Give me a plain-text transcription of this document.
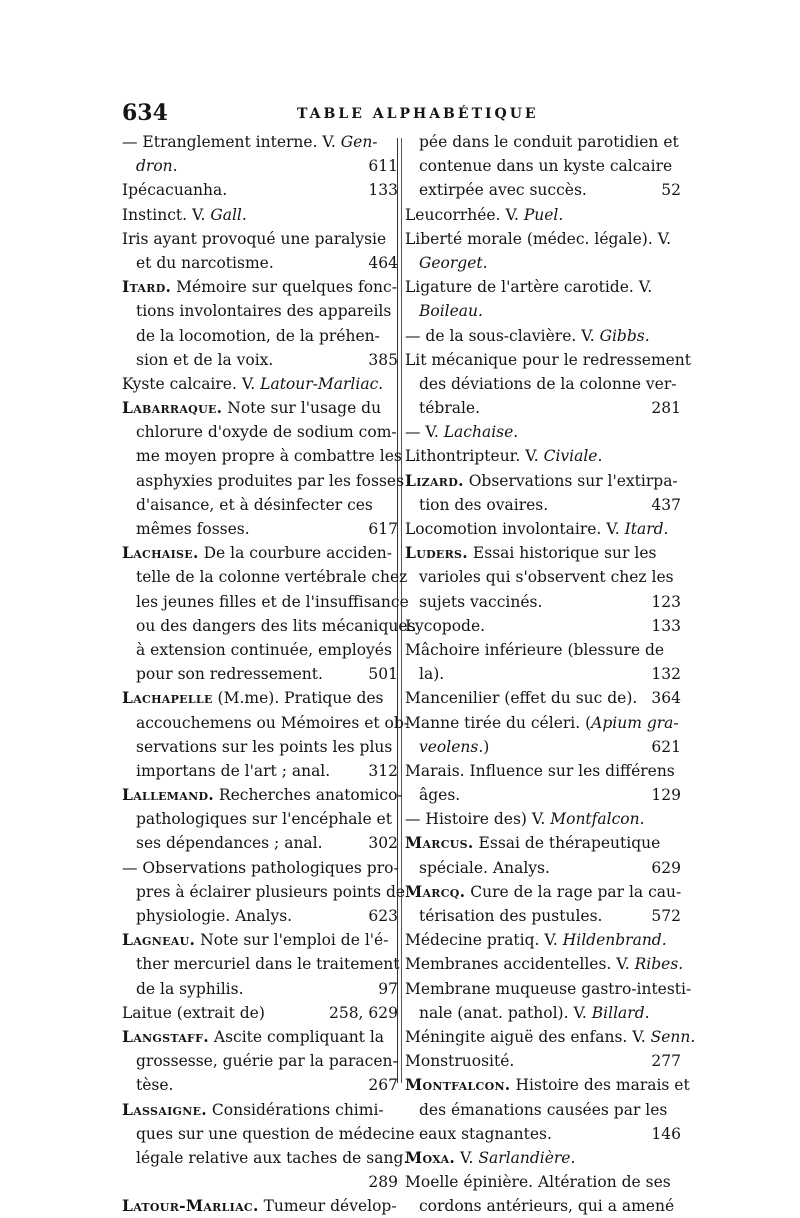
634	TABLE ALPHABÉTIQUE
— Etranglement interne. V. Gen-
dron.	611
Ipécacuanha.	133
Instinct. V. Gall.
Iris ayant provoqué une paralysie
et du narcotisme.	464
Itard. Mémoire sur quelques fonc-
tions involontaires des appareils
de la locomotion, de la préhen-
sion et de la voix.	385
Kyste calcaire. V. Latour-Marliac.
Labarraque. Note sur l'usage du
chlorure d'oxyde de sodium com-
me moyen propre à combattre les
asphyxies produites par les fosses
d'aisance, et à désinfecter ces
mêmes fosses.	617
Lachaise. De la courbure acciden-
telle de la colonne vertébrale chez
les jeunes filles et de l'insuffisance
ou des dangers des lits mécaniques
à extension continuée, employés
pour son redressement.	501
Lachapelle (M.me). Pratique des
accouchemens ou Mémoires et ob-
servations sur les points les plus
importans de l'art ; anal.	312
Lallemand. Recherches anatomico-
pathologiques sur l'encéphale et
ses dépendances ; anal.	302
— Observations pathologiques pro-
pres à éclairer plusieurs points de
physiologie. Analys.	623
Lagneau. Note sur l'emploi de l'é-
ther mercuriel dans le traitement
de la syphilis.	97
Laitue (extrait de)	258, 629
Langstaff. Ascite compliquant la
grossesse, guérie par la paracen-
tèse.	267
Lassaigne. Considérations chimi-
ques sur une question de médecine
légale relative aux taches de sang.
289
Latour-Marliac. Tumeur dévelop-
pée dans le conduit parotidien et
contenue dans un kyste calcaire
extirpée avec succès.	52
Leucorrhée. V. Puel.
Liberté morale (médec. légale). V.
Georget.
Ligature de l'artère carotide. V.
Boileau.
— de la sous-clavière. V. Gibbs.
Lit mécanique pour le redressement
des déviations de la colonne ver-
tébrale.	281
— V. Lachaise.
Lithontripteur. V. Civiale.
Lizard. Observations sur l'extirpa-
tion des ovaires.	437
Locomotion involontaire. V. Itard.
Luders. Essai historique sur les
varioles qui s'observent chez les
sujets vaccinés.	123
Lycopode.	133
Mâchoire inférieure (blessure de
la).	132
Mancenilier (effet du suc de). 364
Manne tirée du céleri. (Apium gra-
veolens.)	621
Marais. Influence sur les différens
âges.	129
— Histoire des) V. Montfalcon.
Marcus. Essai de thérapeutique
spéciale. Analys.	629
Marcq. Cure de la rage par la cau-
térisation des pustules.	572
Médecine pratiq. V. Hildenbrand.
Membranes accidentelles. V. Ribes.
Membrane muqueuse gastro-intesti-
nale (anat. pathol). V. Billard.
Méningite aiguë des enfans. V. Senn.
Monstruosité.	277
Montfalcon. Histoire des marais et
des émanations causées par les
eaux stagnantes.	146
Moxa. V. Sarlandière.
Moelle épinière. Altération de ses
cordons antérieurs, qui a amené
